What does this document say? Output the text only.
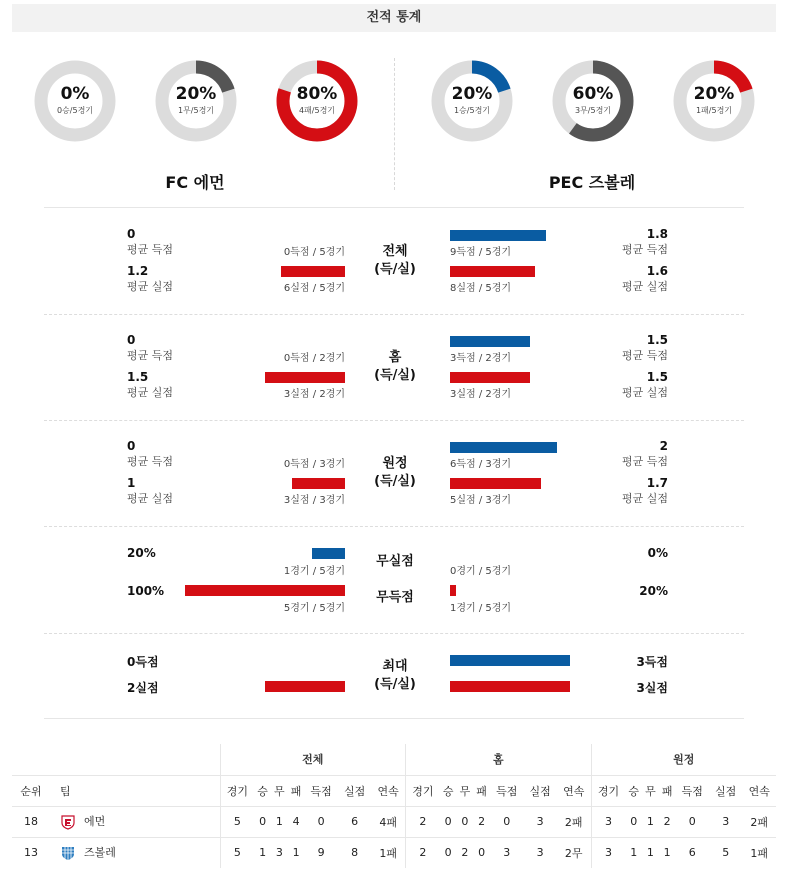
전적 통계
0%
0승/5경기
20%
1무/5경기
80%
4패/5경기
20%
1승/5경기
60%
3무/5경기
20%
1패/5경기
FC 에먼	PEC 즈볼레
0
평균 득점	0득점 / 5경기
1.2
평균 실점	6실점 / 5경기
전체
(득/실)
9득점 / 5경기
8실점 / 5경기
1.8
평균 득점
1.6
평균 실점
0
평균 득점	0득점 / 2경기
1.5
평균 실점	3실점 / 2경기
홈
(득/실)
3득점 / 2경기
3실점 / 2경기
1.5
평균 득점
1.5
평균 실점
0
평균 득점	0득점 / 3경기
1
평균 실점	3실점 / 3경기
원정
(득/실)
6득점 / 3경기
5실점 / 3경기
2
평균 득점
1.7
평균 실점
20%
1경기 / 5경기
무실점
0경기 / 5경기
0%
100%
5경기 / 5경기
무득점
1경기 / 5경기
20%
0득점
2실점
최대
(득/실)
3득점
3실점
		전체							홈							원정						
순위	팀	경기	승	무	패	득점	실점	연속	경기	승	무	패	득점	실점	연속	경기	승	무	패	득점	실점	연속
18	에먼	5	0	1	4	0	6	4패	2	0	0	2	0	3	2패	3	0	1	2	0	3	2패
13	즈볼레	5	1	3	1	9	8	1패	2	0	2	0	3	3	2무	3	1	1	1	6	5	1패
